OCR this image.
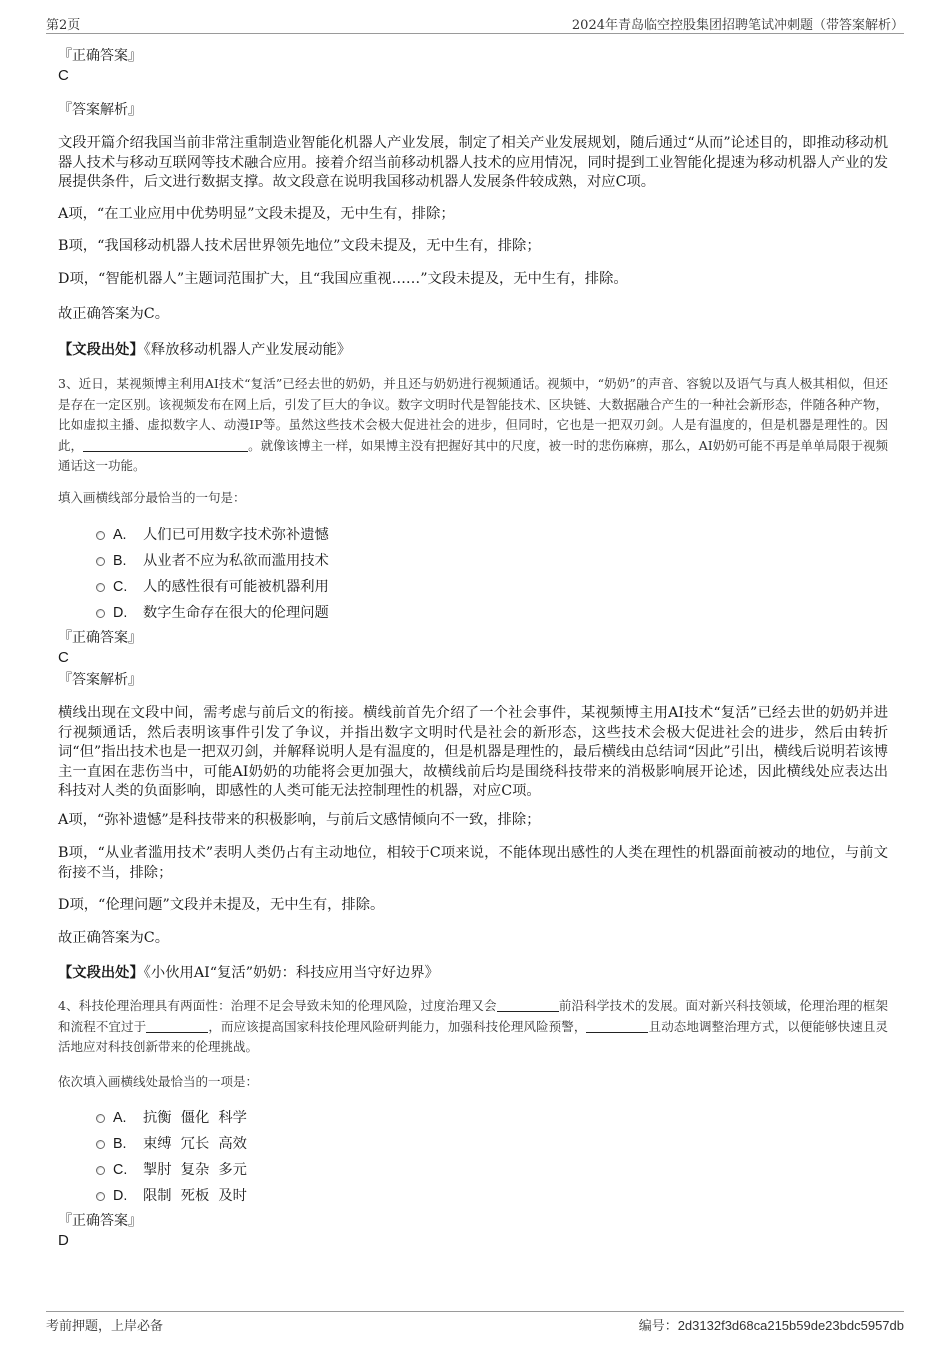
第2页	2024年青岛临空控股集团招聘笔试冲刺题（带答案解析）
『正确答案』
C
『答案解析』
文段开篇介绍我国当前非常注重制造业智能化机器人产业发展，制定了相关产业发展规划，随后通过“从而”论述目的，即推动移动机器人技术与移动互联网等技术融合应用。接着介绍当前移动机器人技术的应用情况，同时提到工业智能化提速为移动机器人产业的发展提供条件，后文进行数据支撑。故文段意在说明我国移动机器人发展条件较成熟，对应C项。
A项，“在工业应用中优势明显”文段未提及，无中生有，排除；
B项，“我国移动机器人技术居世界领先地位”文段未提及，无中生有，排除；
D项，“智能机器人”主题词范围扩大，且“我国应重视……”文段未提及，无中生有，排除。
故正确答案为C。
【文段出处】《释放移动机器人产业发展动能》
3、近日，某视频博主利用AI技术“复活”已经去世的奶奶，并且还与奶奶进行视频通话。视频中，“奶奶”的声音、容貌以及语气与真人极其相似，但还是存在一定区别。该视频发布在网上后，引发了巨大的争议。数字文明时代是智能技术、区块链、大数据融合产生的一种社会新形态，伴随各种产物，比如虚拟主播、虚拟数字人、动漫IP等。虽然这些技术会极大促进社会的进步，但同时，它也是一把双刃剑。人是有温度的，但是机器是理性的。因此，	。就像该博主一样，如果博主没有把握好其中的尺度，被一时的悲伤麻痹，那么，AI奶奶可能不再是单单局限于视频通话这一功能。
填入画横线部分最恰当的一句是：
A. 人们已可用数字技术弥补遗憾
B. 从业者不应为私欲而滥用技术
C. 人的感性很有可能被机器利用
D. 数字生命存在很大的伦理问题
『正确答案』
C
『答案解析』
横线出现在文段中间，需考虑与前后文的衔接。横线前首先介绍了一个社会事件，某视频博主用AI技术“复活”已经去世的奶奶并进行视频通话，然后表明该事件引发了争议，并指出数字文明时代是社会的新形态，这些技术会极大促进社会的进步，然后由转折词“但”指出技术也是一把双刃剑，并解释说明人是有温度的，但是机器是理性的，最后横线由总结词“因此”引出，横线后说明若该博主一直困在悲伤当中，可能AI奶奶的功能将会更加强大，故横线前后均是围绕科技带来的消极影响展开论述，因此横线处应表达出科技对人类的负面影响，即感性的人类可能无法控制理性的机器，对应C项。
A项，“弥补遗憾”是科技带来的积极影响，与前后文感情倾向不一致，排除；
B项，“从业者滥用技术”表明人类仍占有主动地位，相较于C项来说，不能体现出感性的人类在理性的机器面前被动的地位，与前文衔接不当，排除；
D项，“伦理问题”文段并未提及，无中生有，排除。
故正确答案为C。
【文段出处】《小伙用AI“复活”奶奶：科技应用当守好边界》
4、科技伦理治理具有两面性：治理不足会导致未知的伦理风险，过度治理又会	前沿科学技术的发展。面对新兴科技领域，伦理治理的框架和流程不宜过于	，而应该提高国家科技伦理风险研判能力，加强科技伦理风险预警，	且动态地调整治理方式，以便能够快速且灵活地应对科技创新带来的伦理挑战。
依次填入画横线处最恰当的一项是：
A. 抗衡  僵化  科学
B. 束缚  冗长  高效
C. 掣肘  复杂  多元
D. 限制  死板  及时
『正确答案』
D
考前押题，上岸必备	编号：2d3132f3d68ca215b59de23bdc5957db
